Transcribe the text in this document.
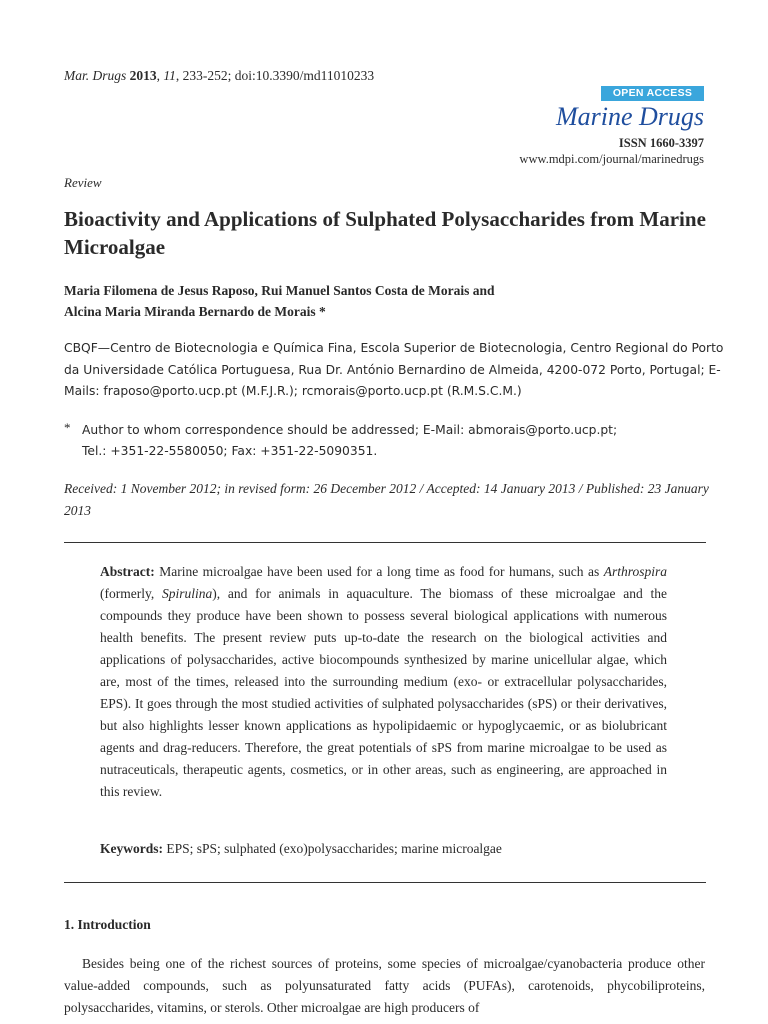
Mar. Drugs 2013, 11, 233-252; doi:10.3390/md11010233
OPEN ACCESS
Marine Drugs
ISSN 1660-3397
www.mdpi.com/journal/marinedrugs
Review
Bioactivity and Applications of Sulphated Polysaccharides from Marine Microalgae
Maria Filomena de Jesus Raposo, Rui Manuel Santos Costa de Morais and
Alcina Maria Miranda Bernardo de Morais *
CBQF—Centro de Biotecnologia e Química Fina, Escola Superior de Biotecnologia, Centro Regional do Porto da Universidade Católica Portuguesa, Rua Dr. António Bernardino de Almeida, 4200-072 Porto, Portugal; E-Mails: fraposo@porto.ucp.pt (M.F.J.R.); rcmorais@porto.ucp.pt (R.M.S.C.M.)
* Author to whom correspondence should be addressed; E-Mail: abmorais@porto.ucp.pt;
Tel.: +351-22-5580050; Fax: +351-22-5090351.
Received: 1 November 2012; in revised form: 26 December 2012 / Accepted: 14 January 2013 / Published: 23 January 2013
Abstract: Marine microalgae have been used for a long time as food for humans, such as Arthrospira (formerly, Spirulina), and for animals in aquaculture. The biomass of these microalgae and the compounds they produce have been shown to possess several biological applications with numerous health benefits. The present review puts up-to-date the research on the biological activities and applications of polysaccharides, active biocompounds synthesized by marine unicellular algae, which are, most of the times, released into the surrounding medium (exo- or extracellular polysaccharides, EPS). It goes through the most studied activities of sulphated polysaccharides (sPS) or their derivatives, but also highlights lesser known applications as hypolipidaemic or hypoglycaemic, or as biolubricant agents and drag-reducers. Therefore, the great potentials of sPS from marine microalgae to be used as nutraceuticals, therapeutic agents, cosmetics, or in other areas, such as engineering, are approached in this review.
Keywords: EPS; sPS; sulphated (exo)polysaccharides; marine microalgae
1. Introduction
Besides being one of the richest sources of proteins, some species of microalgae/cyanobacteria produce other value-added compounds, such as polyunsaturated fatty acids (PUFAs), carotenoids, phycobiliproteins, polysaccharides, vitamins, or sterols. Other microalgae are high producers of
